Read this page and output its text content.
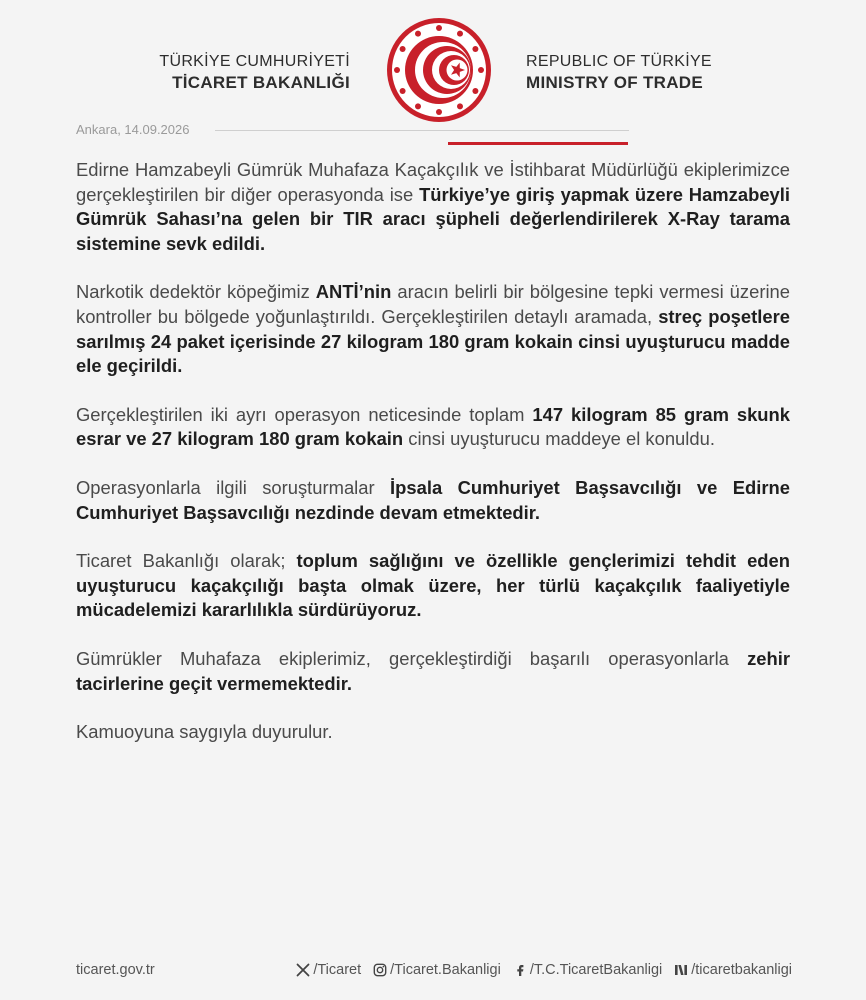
TÜRKİYE CUMHURİYETİ
TİCARET BAKANLIĞI
REPUBLIC OF TÜRKİYE
MINISTRY OF TRADE
Ankara, 14.09.2026

Edirne Hamzabeyli Gümrük Muhafaza Kaçakçılık ve İstihbarat Müdürlüğü ekiplerimizce gerçekleştirilen bir diğer operasyonda ise Türkiye’ye giriş yapmak üzere Hamzabeyli Gümrük Sahası’na gelen bir TIR aracı şüpheli değerlendirilerek X-Ray tarama sistemine sevk edildi.

Narkotik dedektör köpeğimiz ANTİ’nin aracın belirli bir bölgesine tepki vermesi üzerine kontroller bu bölgede yoğunlaştırıldı. Gerçekleştirilen detaylı aramada, streç poşetlere sarılmış 24 paket içerisinde 27 kilogram 180 gram kokain cinsi uyuşturucu madde ele geçirildi.

Gerçekleştirilen iki ayrı operasyon neticesinde toplam 147 kilogram 85 gram skunk esrar ve 27 kilogram 180 gram kokain cinsi uyuşturucu maddeye el konuldu.

Operasyonlarla ilgili soruşturmalar İpsala Cumhuriyet Başsavcılığı ve Edirne Cumhuriyet Başsavcılığı nezdinde devam etmektedir.

Ticaret Bakanlığı olarak; toplum sağlığını ve özellikle gençlerimizi tehdit eden uyuşturucu kaçakçılığı başta olmak üzere, her türlü kaçakçılık faaliyetiyle mücadelemizi kararlılıkla sürdürüyoruz.

Gümrükler Muhafaza ekiplerimiz, gerçekleştirdiği başarılı operasyonlarla zehir tacirlerine geçit vermemektedir.

Kamuoyuna saygıyla duyurulur.

ticaret.gov.tr	/Ticaret /Ticaret.Bakanligi /T.C.TicaretBakanligi /ticaretbakanligi
